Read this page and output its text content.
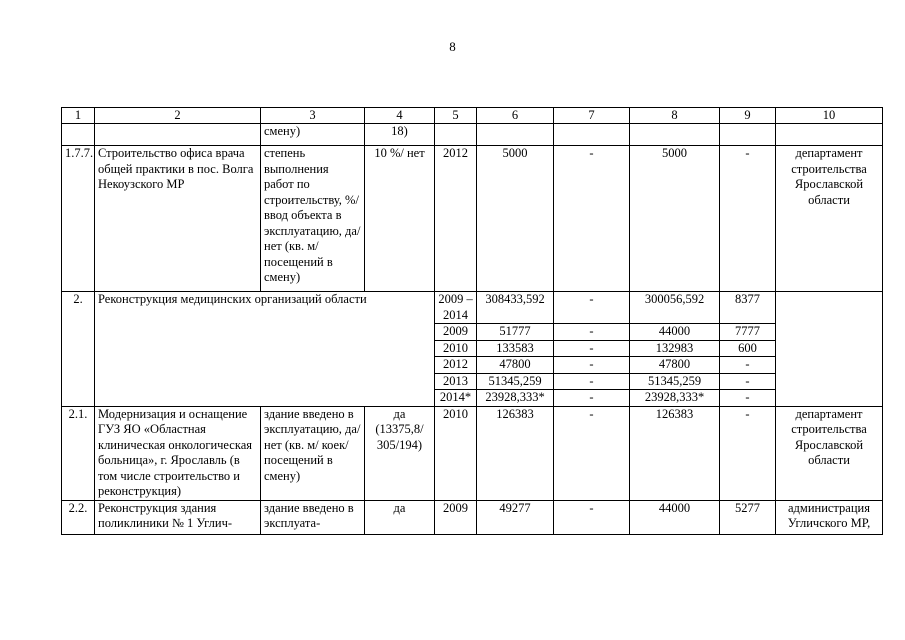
8
1	2	3	4	5	6	7	8	9	10
		смену)	18)						
1.7.7.	Строительство офиса врача общей практики в пос. Волга Некоузского МР	степень выполнения работ по строительству, %/ ввод объекта в эксплуатацию, да/нет (кв. м/ посещений в смену)	10 %/ нет	2012	5000	-	5000	-	департамент строительства Ярославской области
2.	Реконструкция медицинских организаций области			2009 – 2014	308433,592	-	300056,592	8377	
				2009	51777	-	44000	7777	
				2010	133583	-	132983	600	
				2012	47800	-	47800	-	
				2013	51345,259	-	51345,259	-	
				2014*	23928,333*	-	23928,333*	-	
2.1.	Модернизация и оснащение ГУЗ ЯО «Областная клиническая онкологическая больница», г. Ярославль (в том числе строительство и реконструкция)	здание введено в эксплуатацию, да/нет (кв. м/ коек/ посещений в смену)	да (13375,8/ 305/194)	2010	126383	-	126383	-	департамент строительства Ярославской области
2.2.	Реконструкция здания поликлиники № 1 Углич-	здание введено в эксплуата-	да	2009	49277	-	44000	5277	администрация Угличского МР,
